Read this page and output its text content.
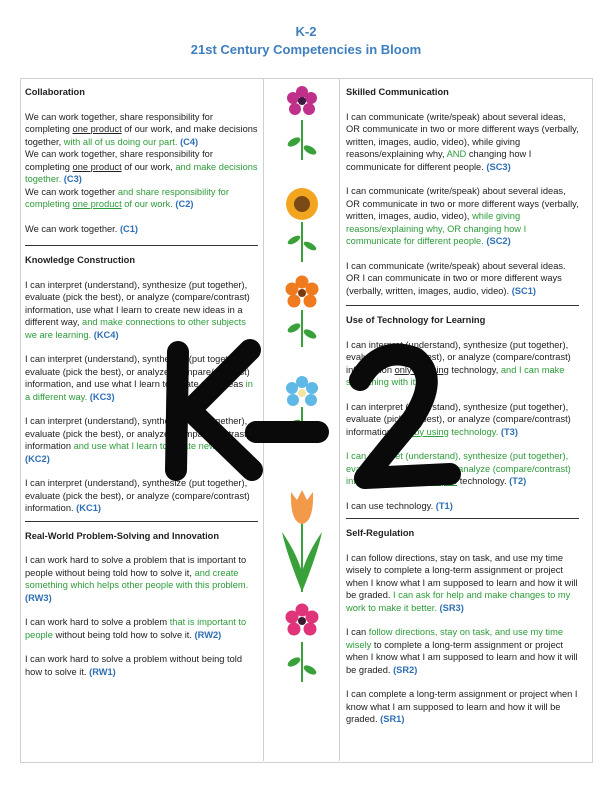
K-2
21st Century Competencies in Bloom
Collaboration

We can work together, share responsibility for completing one product of our work, and make decisions together, with all of us doing our part. (C4)

We can work together, share responsibility for completing one product of our work, and make decisions together. (C3)

We can work together and share responsibility for completing one product of our work. (C2)

We can work together. (C1)

Knowledge Construction

I can interpret (understand), synthesize (put together), evaluate (pick the best), or analyze (compare/contrast) information, use what I learn to create new ideas in a different way, and make connections to other subjects we are learning. (KC4)

I can interpret (understand), synthesize (put together), evaluate (pick the best), or analyze (compare/contrast) information, and use what I learn to create new ideas in a different way. (KC3)

I can interpret (understand), synthesize (put together), evaluate (pick the best), or analyze (compare/contrast) information and use what I learn to create new ideas. (KC2)

I can interpret (understand), synthesize (put together), evaluate (pick the best), or analyze (compare/contrast) information. (KC1)

Real-World Problem-Solving and Innovation

I can work hard to solve a problem that is important to people without being told how to solve it, and create something which helps other people with this problem. (RW3)

I can work hard to solve a problem that is important to people without being told how to solve it. (RW2)

I can work hard to solve a problem without being told how to solve it. (RW1)

Skilled Communication

I can communicate (write/speak) about several ideas, OR communicate in two or more different ways (verbally, written, images, audio, video), while giving reasons/explaining why, AND changing how I communicate for different people. (SC3)

I can communicate (write/speak) about several ideas, OR communicate in two or more different ways (verbally, written, images, audio, video), while giving reasons/explaining why, OR changing how I communicate for different people. (SC2)

I can communicate (write/speak) about several ideas. OR I can communicate in two or more different ways (verbally, written, images, audio, video). (SC1)

Use of Technology for Learning

I can interpret (understand), synthesize (put together), evaluate (pick the best), or analyze (compare/contrast) information only by using technology, and I can make something with it. (T4)

I can interpret (understand), synthesize (put together), evaluate (pick the best), or analyze (compare/contrast) information only by using technology. (T3)

I can interpret (understand), synthesize (put together), evaluate (pick the best), or analyze (compare/contrast) information with the help of technology. (T2)

I can use technology. (T1)

Self-Regulation

I can follow directions, stay on task, and use my time wisely to complete a long-term assignment or project when I know what I am supposed to learn and how it will be graded. I can ask for help and make changes to my work to make it better. (SR3)

I can follow directions, stay on task, and use my time wisely to complete a long-term assignment or project when I know what I am supposed to learn and how it will be graded. (SR2)

I can complete a long-term assignment or project when I know what I am supposed to learn and how it will be graded. (SR1)

K-2
